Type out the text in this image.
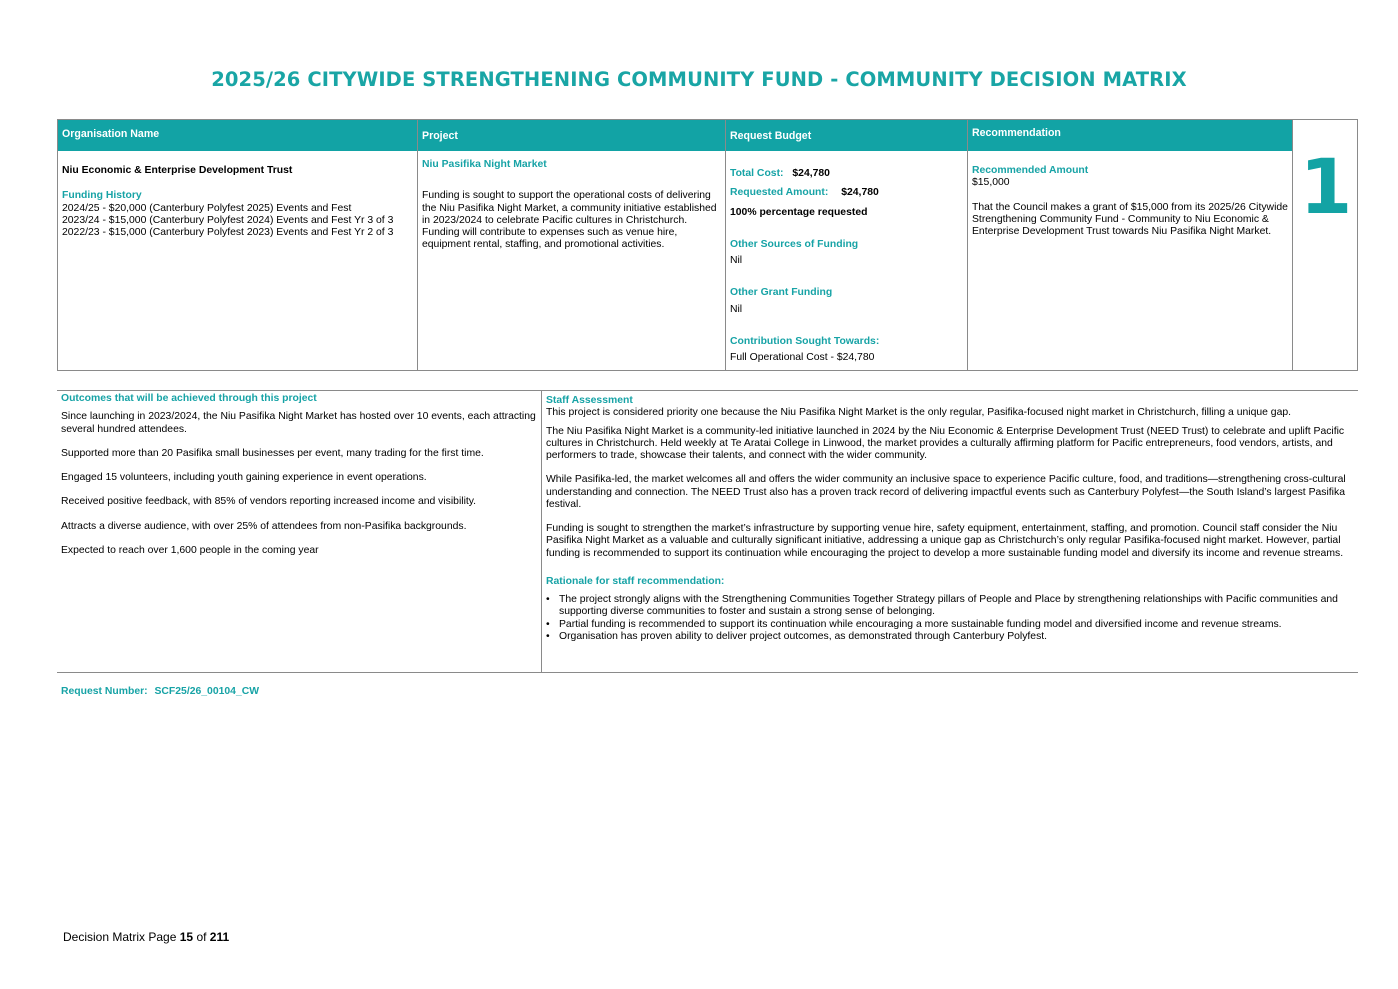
2025/26 CITYWIDE STRENGTHENING COMMUNITY FUND - COMMUNITY DECISION MATRIX
Organisation Name
Niu Economic & Enterprise Development Trust
Funding History
2024/25 - $20,000 (Canterbury Polyfest 2025) Events and Fest
2023/24 - $15,000 (Canterbury Polyfest 2024) Events and Fest Yr 3 of 3
2022/23 - $15,000 (Canterbury Polyfest 2023) Events and Fest Yr 2 of 3
Project
Niu Pasifika Night Market
Funding is sought to support the operational costs of delivering the Niu Pasifika Night Market, a community initiative established in 2023/2024 to celebrate Pacific cultures in Christchurch. Funding will contribute to expenses such as venue hire, equipment rental, staffing, and promotional activities.
Request Budget
Total Cost: $24,780
Requested Amount: $24,780
100% percentage requested
Other Sources of Funding
Nil
Other Grant Funding
Nil
Contribution Sought Towards:
Full Operational Cost - $24,780
Recommendation
Recommended Amount
$15,000
That the Council makes a grant of $15,000 from its 2025/26 Citywide Strengthening Community Fund - Community to Niu Economic & Enterprise Development Trust towards Niu Pasifika Night Market.
1
Outcomes that will be achieved through this project
Since launching in 2023/2024, the Niu Pasifika Night Market has hosted over 10 events, each attracting several hundred attendees.
Supported more than 20 Pasifika small businesses per event, many trading for the first time.
Engaged 15 volunteers, including youth gaining experience in event operations.
Received positive feedback, with 85% of vendors reporting increased income and visibility.
Attracts a diverse audience, with over 25% of attendees from non-Pasifika backgrounds.
Expected to reach over 1,600 people in the coming year
Staff Assessment
This project is considered priority one because the Niu Pasifika Night Market is the only regular, Pasifika-focused night market in Christchurch, filling a unique gap.
The Niu Pasifika Night Market is a community-led initiative launched in 2024 by the Niu Economic & Enterprise Development Trust (NEED Trust) to celebrate and uplift Pacific cultures in Christchurch. Held weekly at Te Aratai College in Linwood, the market provides a culturally affirming platform for Pacific entrepreneurs, food vendors, artists, and performers to trade, showcase their talents, and connect with the wider community.
While Pasifika-led, the market welcomes all and offers the wider community an inclusive space to experience Pacific culture, food, and traditions—strengthening cross-cultural understanding and connection. The NEED Trust also has a proven track record of delivering impactful events such as Canterbury Polyfest—the South Island’s largest Pasifika festival.
Funding is sought to strengthen the market’s infrastructure by supporting venue hire, safety equipment, entertainment, staffing, and promotion. Council staff consider the Niu Pasifika Night Market as a valuable and culturally significant initiative, addressing a unique gap as Christchurch’s only regular Pasifika-focused night market. However, partial funding is recommended to support its continuation while encouraging the project to develop a more sustainable funding model and diversify its income and revenue streams.
Rationale for staff recommendation:
• The project strongly aligns with the Strengthening Communities Together Strategy pillars of People and Place by strengthening relationships with Pacific communities and supporting diverse communities to foster and sustain a strong sense of belonging.
• Partial funding is recommended to support its continuation while encouraging a more sustainable funding model and diversified income and revenue streams.
• Organisation has proven ability to deliver project outcomes, as demonstrated through Canterbury Polyfest.
Request Number: SCF25/26_00104_CW
Decision Matrix Page 15 of 211
